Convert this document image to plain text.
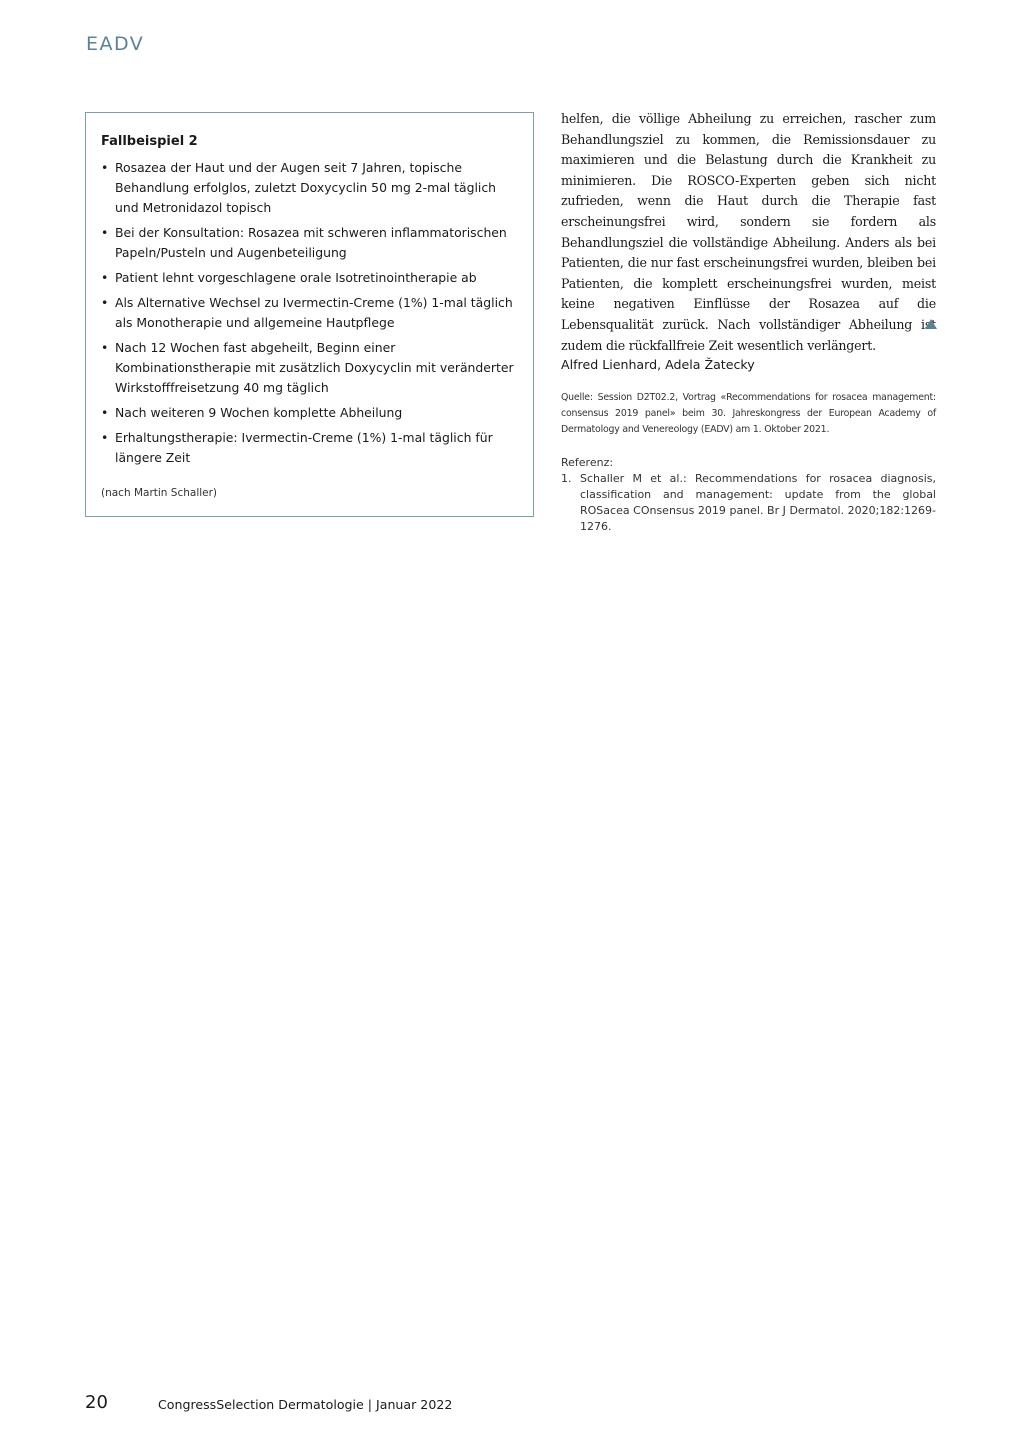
EADV
Fallbeispiel 2
• Rosazea der Haut und der Augen seit 7 Jahren, topische Behandlung erfolglos, zuletzt Doxycyclin 50 mg 2-mal täglich und Metronidazol topisch
• Bei der Konsultation: Rosazea mit schweren inflammatorischen Papeln/Pusteln und Augenbeteiligung
• Patient lehnt vorgeschlagene orale Isotretinointherapie ab
• Als Alternative Wechsel zu Ivermectin-Creme (1%) 1-mal täglich als Monotherapie und allgemeine Hautpflege
• Nach 12 Wochen fast abgeheilt, Beginn einer Kombinationstherapie mit zusätzlich Doxycyclin mit veränderter Wirkstofffreisetzung 40 mg täglich
• Nach weiteren 9 Wochen komplette Abheilung
• Erhaltungstherapie: Ivermectin-Creme (1%) 1-mal täglich für längere Zeit
(nach Martin Schaller)

helfen, die völlige Abheilung zu erreichen, rascher zum Behandlungsziel zu kommen, die Remissionsdauer zu maximieren und die Belastung durch die Krankheit zu minimieren. Die ROSCO-Experten geben sich nicht zufrieden, wenn die Haut durch die Therapie fast erscheinungsfrei wird, sondern sie fordern als Behandlungsziel die vollständige Abheilung. Anders als bei Patienten, die nur fast erscheinungsfrei wurden, bleiben bei Patienten, die komplett erscheinungsfrei wurden, meist keine negativen Einflüsse der Rosazea auf die Lebensqualität zurück. Nach vollständiger Abheilung ist zudem die rückfallfreie Zeit wesentlich verlängert.

Alfred Lienhard, Adela Žatecky

Quelle: Session D2T02.2, Vortrag «Recommendations for rosacea management: consensus 2019 panel» beim 30. Jahreskongress der European Academy of Dermatology and Venereology (EADV) am 1. Oktober 2021.

Referenz:
1. Schaller M et al.: Recommendations for rosacea diagnosis, classification and management: update from the global ROSacea COnsensus 2019 panel. Br J Dermatol. 2020;182:1269-1276.
20	CongressSelection Dermatologie | Januar 2022
